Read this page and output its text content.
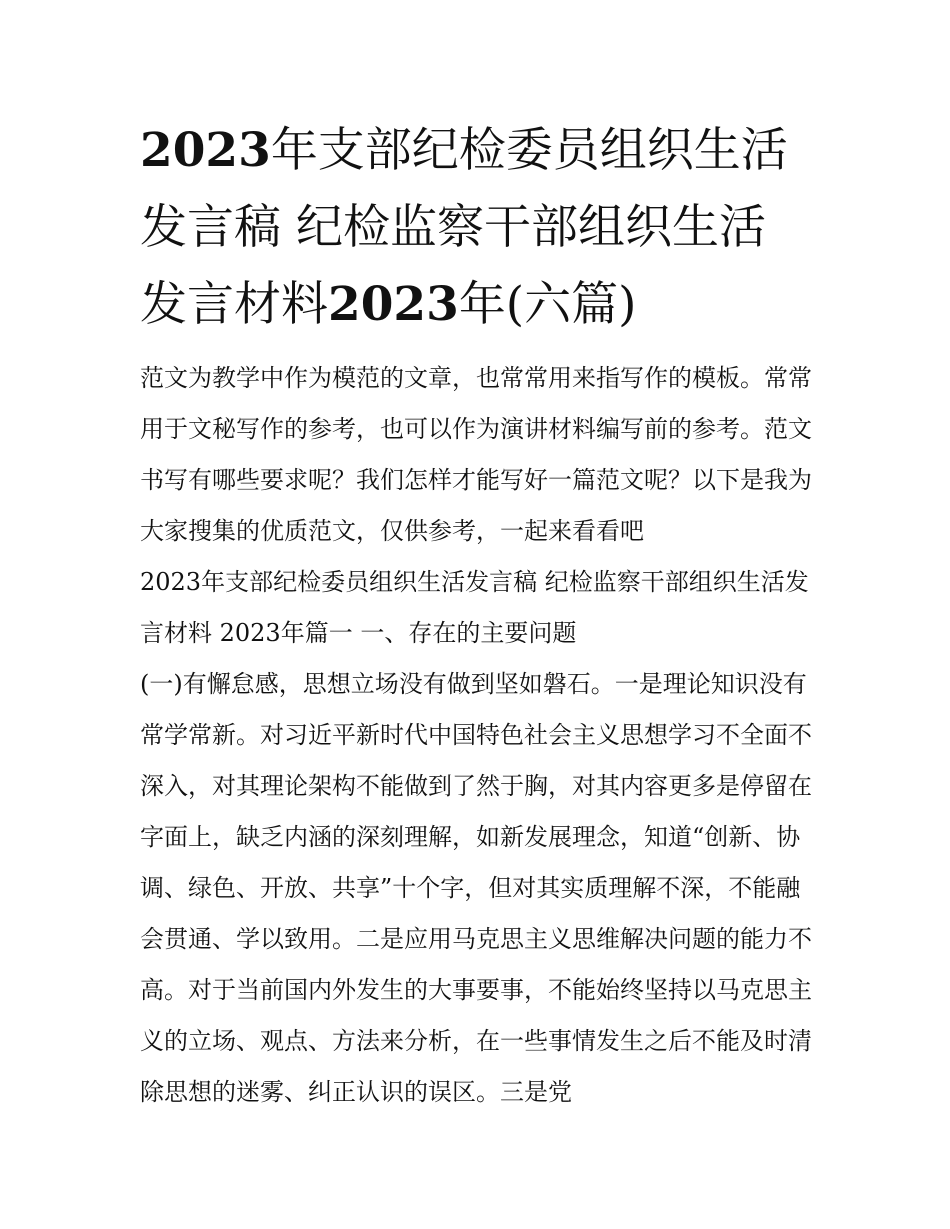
2023年支部纪检委员组织生活发言稿 纪检监察干部组织生活发言材料2023年(六篇)

范文为教学中作为模范的文章，也常常用来指写作的模板。常常用于文秘写作的参考，也可以作为演讲材料编写前的参考。范文书写有哪些要求呢？我们怎样才能写好一篇范文呢？以下是我为大家搜集的优质范文，仅供参考，一起来看看吧

2023年支部纪检委员组织生活发言稿 纪检监察干部组织生活发言材料 2023年篇一 一、存在的主要问题

(一)有懈怠感，思想立场没有做到坚如磐石。一是理论知识没有常学常新。对习近平新时代中国特色社会主义思想学习不全面不深入，对其理论架构不能做到了然于胸，对其内容更多是停留在字面上，缺乏内涵的深刻理解，如新发展理念，知道“创新、协调、绿色、开放、共享”十个字，但对其实质理解不深，不能融会贯通、学以致用。二是应用马克思主义思维解决问题的能力不高。对于当前国内外发生的大事要事，不能始终坚持以马克思主义的立场、观点、方法来分析，在一些事情发生之后不能及时清除思想的迷雾、纠正认识的误区。三是党
